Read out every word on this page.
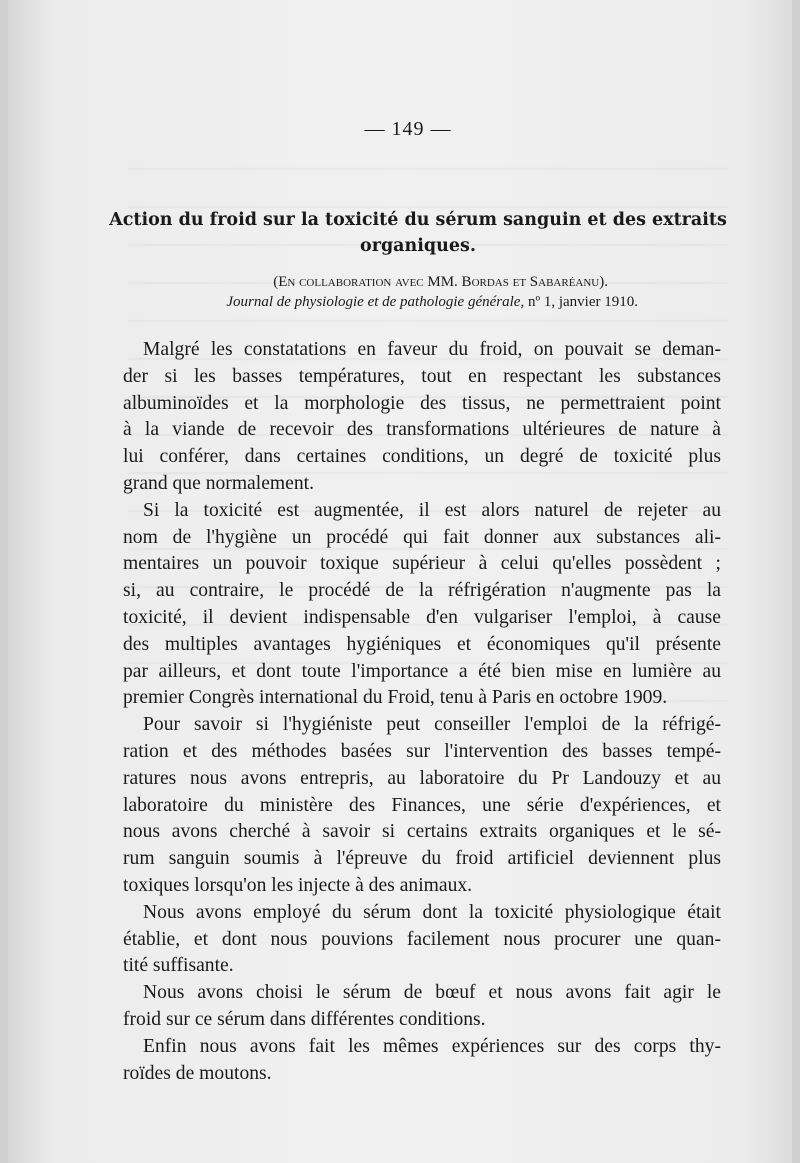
— 149 —
Action du froid sur la toxicité du sérum sanguin et des extraits organiques.
(En collaboration avec MM. Bordas et Sabaréanu).
Journal de physiologie et de pathologie générale, nº 1, janvier 1910.

Malgré les constatations en faveur du froid, on pouvait se deman-
der si les basses températures, tout en respectant les substances
albuminoïdes et la morphologie des tissus, ne permettraient point
à la viande de recevoir des transformations ultérieures de nature à
lui conférer, dans certaines conditions, un degré de toxicité plus
grand que normalement.

Si la toxicité est augmentée, il est alors naturel de rejeter au
nom de l'hygiène un procédé qui fait donner aux substances ali-
mentaires un pouvoir toxique supérieur à celui qu'elles possèdent ;
si, au contraire, le procédé de la réfrigération n'augmente pas la
toxicité, il devient indispensable d'en vulgariser l'emploi, à cause
des multiples avantages hygiéniques et économiques qu'il présente
par ailleurs, et dont toute l'importance a été bien mise en lumière au
premier Congrès international du Froid, tenu à Paris en octobre 1909.

Pour savoir si l'hygiéniste peut conseiller l'emploi de la réfrigé-
ration et des méthodes basées sur l'intervention des basses tempé-
ratures nous avons entrepris, au laboratoire du Pr Landouzy et au
laboratoire du ministère des Finances, une série d'expériences, et
nous avons cherché à savoir si certains extraits organiques et le sé-
rum sanguin soumis à l'épreuve du froid artificiel deviennent plus
toxiques lorsqu'on les injecte à des animaux.

Nous avons employé du sérum dont la toxicité physiologique était
établie, et dont nous pouvions facilement nous procurer une quan-
tité suffisante.

Nous avons choisi le sérum de bœuf et nous avons fait agir le
froid sur ce sérum dans différentes conditions.

Enfin nous avons fait les mêmes expériences sur des corps thy-
roïdes de moutons.
